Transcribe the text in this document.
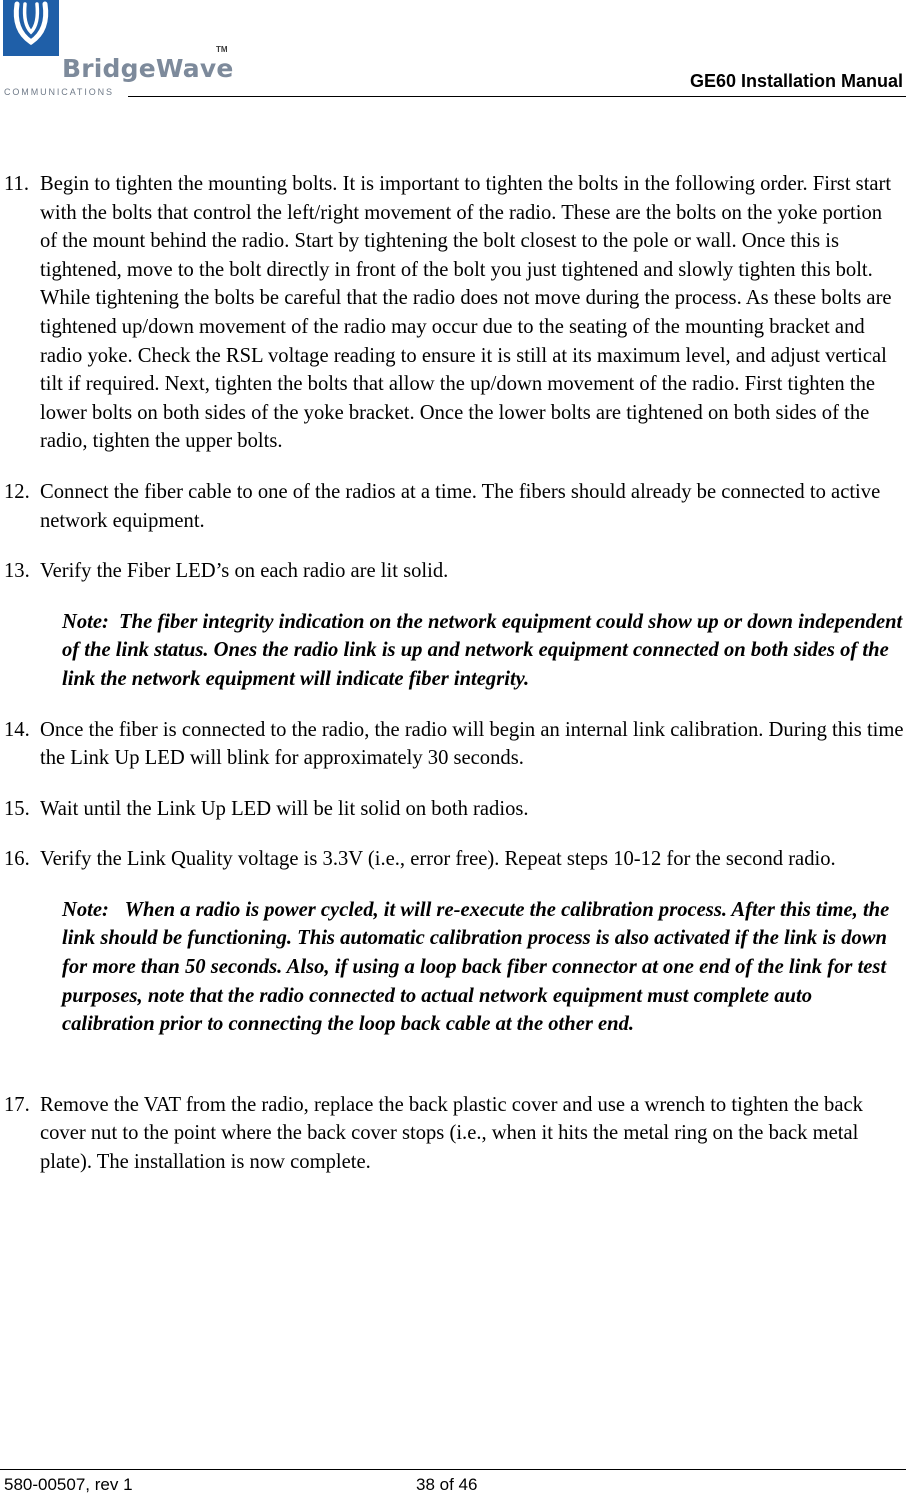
BridgeWave
TM
COMMUNICATIONS
GE60 Installation Manual
11. Begin to tighten the mounting bolts. It is important to tighten the bolts in the following order. First start with the bolts that control the left/right movement of the radio. These are the bolts on the yoke portion of the mount behind the radio. Start by tightening the bolt closest to the pole or wall. Once this is tightened, move to the bolt directly in front of the bolt you just tightened and slowly tighten this bolt. While tightening the bolts be careful that the radio does not move during the process. As these bolts are tightened up/down movement of the radio may occur due to the seating of the mounting bracket and radio yoke. Check the RSL voltage reading to ensure it is still at its maximum level, and adjust vertical tilt if required. Next, tighten the bolts that allow the up/down movement of the radio. First tighten the lower bolts on both sides of the yoke bracket. Once the lower bolts are tightened on both sides of the radio, tighten the upper bolts.
12. Connect the fiber cable to one of the radios at a time. The fibers should already be connected to active network equipment.
13. Verify the Fiber LED’s on each radio are lit solid.
Note: The fiber integrity indication on the network equipment could show up or down independent of the link status. Ones the radio link is up and network equipment connected on both sides of the link the network equipment will indicate fiber integrity.
14. Once the fiber is connected to the radio, the radio will begin an internal link calibration. During this time the Link Up LED will blink for approximately 30 seconds.
15. Wait until the Link Up LED will be lit solid on both radios.
16. Verify the Link Quality voltage is 3.3V (i.e., error free). Repeat steps 10-12 for the second radio.
Note: When a radio is power cycled, it will re-execute the calibration process. After this time, the link should be functioning. This automatic calibration process is also activated if the link is down for more than 50 seconds. Also, if using a loop back fiber connector at one end of the link for test purposes, note that the radio connected to actual network equipment must complete auto calibration prior to connecting the loop back cable at the other end.
17. Remove the VAT from the radio, replace the back plastic cover and use a wrench to tighten the back cover nut to the point where the back cover stops (i.e., when it hits the metal ring on the back metal plate). The installation is now complete.
580-00507, rev 1	38 of 46
